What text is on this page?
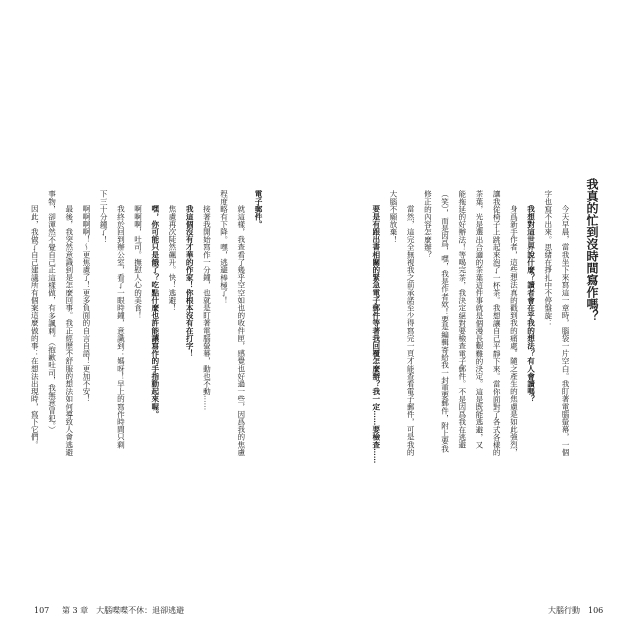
電子郵件。
就這樣，我查看了幾乎空空如也的收件匣，感覺也好過一些，因爲我的焦慮
程度略有下降。嘿，逃避棒極了！
接著我開始寫作一分鐘，也就是盯著電腦螢幕，動也不動……
我這個沒有才華的作家！你根本沒有在打字！
焦慮再次陡然飆升。快！逃避！
嘿，你可能只是餓了？吃點什麼也許能讓寫作的手指動起來喔。
啊啊啊，吐司。撫慰人心的美食！
我終於回到辦公室，看了一眼時鐘，意識到：媽呀！早上的寫作時間只剩
下三十分鐘了！
啊啊啊啊！～更焦慮了！更多負面的自言自語！更加不安！
最後，我突然意識到是怎麼回事。我正經歷不舒服的想法如何導致人會逃避
事物，卻渾然不覺自己正這樣做，有多諷刺。（抱歉吐司，我無意冒犯。）
因此，我做了自己建議所有個案這麼做的事：在想法出現時，寫下它們。
107 第 3 章　大腦喋喋不休：退卻逃避
我真的忙到沒時間寫作嗎？
今天早晨，當我坐下來寫這一章時，腦袋一片空白。我盯著電腦螢幕，一個
字也寫不出來。思緒在掙扎中不停盤旋：
我想對這世界說什麼？讀者會在乎我的想法？有人會讀嗎？
身爲新手作者，這些想法真的戳到我的痛處。隨之產生的焦慮是如此強烈，
讓我從椅子上跳起來泡了一杯茶。我想讓自己平靜下來。當你面對了各式各樣的
茶葉，光是選出合適的茶葉這件事就是個漫長艱難的決定。這是既能逃避，又
能拖延的好辦法！等喝完茶，我決定絕對要檢查電子郵件。不是因爲我在逃避
（笑），而是因爲，嘿，我是作者欸！要是編輯寄給我一封重要郵件，附上要我
修正的內容怎麼辦？
當然，這完全無視我之前承諾至少得寫完一頁才能查看電子郵件，可是我的
大腦不願放棄！
要是有跟出書相關的緊急電子郵件等著我回覆怎麼辦？我一定……要檢查……
大腦行動 106
